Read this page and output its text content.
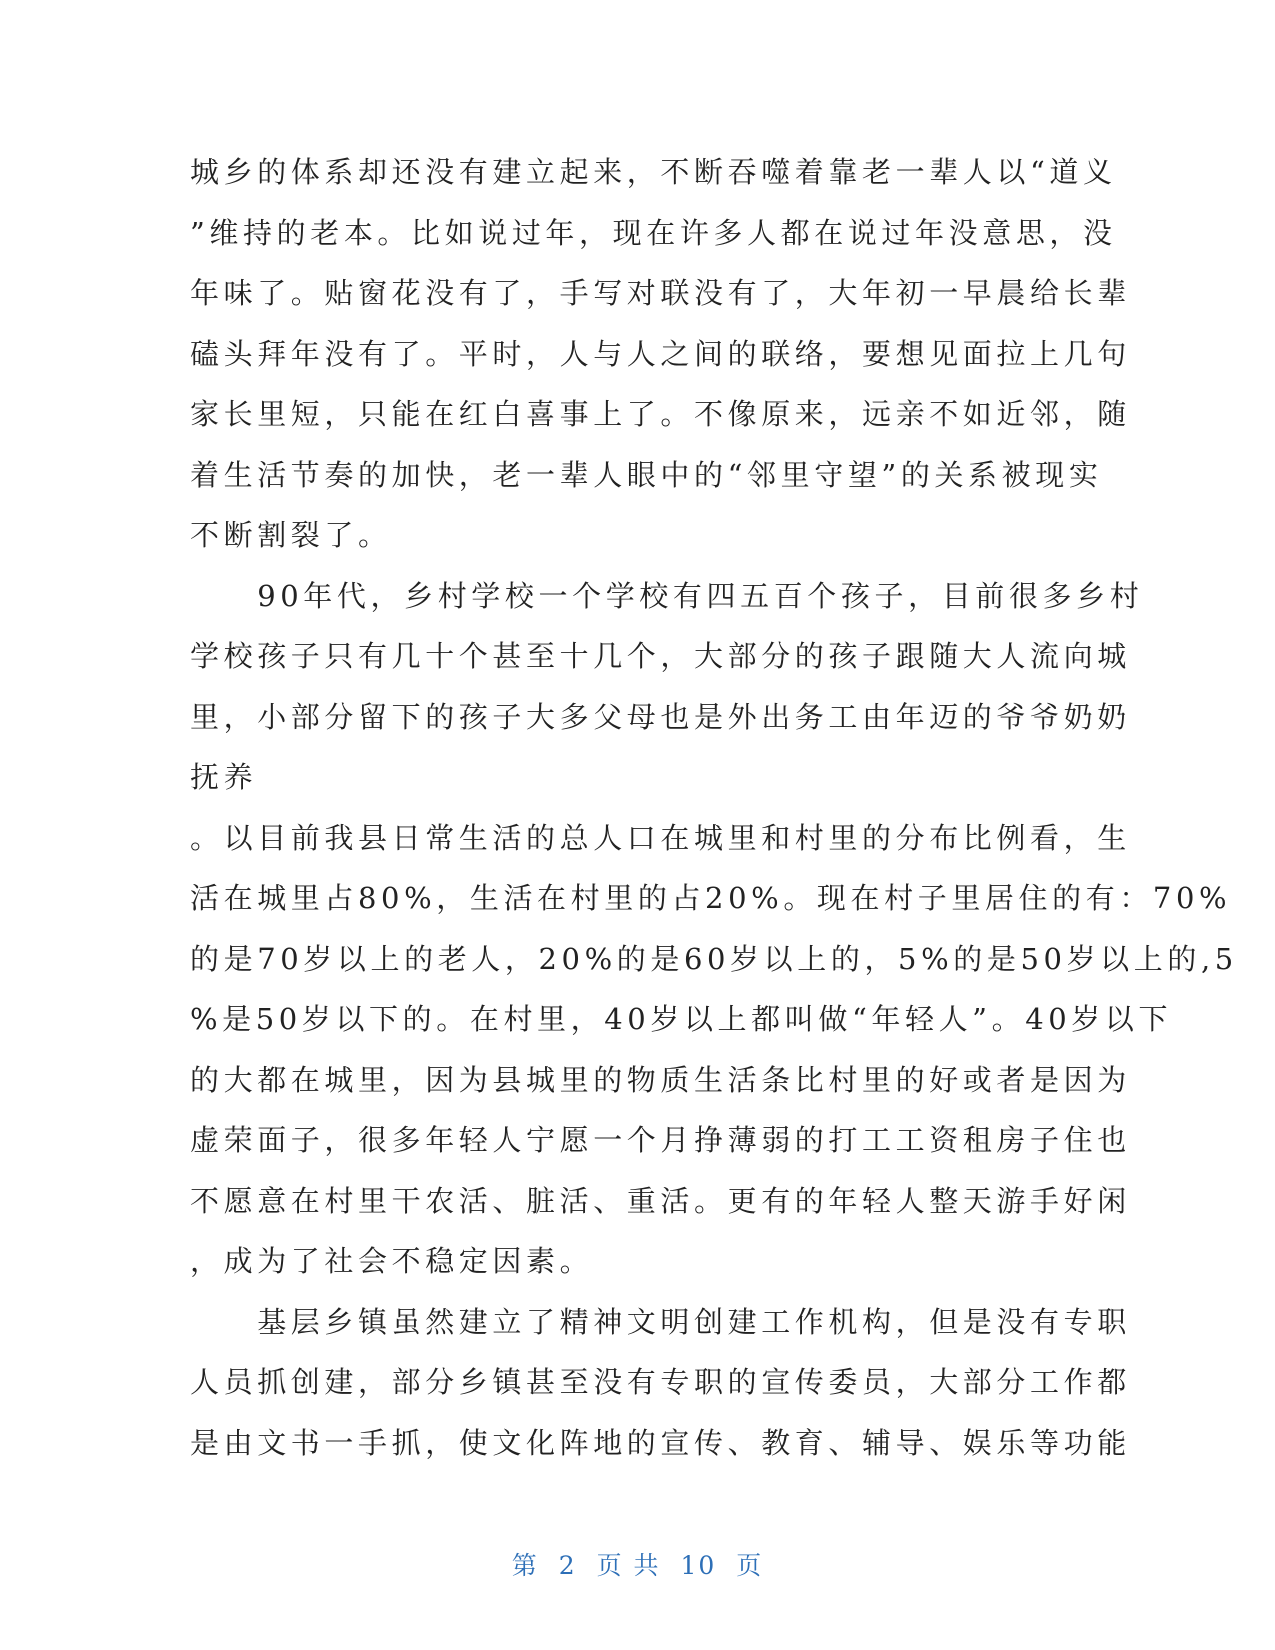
城乡的体系却还没有建立起来，不断吞噬着靠老一辈人以“道义
”维持的老本。比如说过年，现在许多人都在说过年没意思，没
年味了。贴窗花没有了，手写对联没有了，大年初一早晨给长辈
磕头拜年没有了。平时，人与人之间的联络，要想见面拉上几句
家长里短，只能在红白喜事上了。不像原来，远亲不如近邻，随
着生活节奏的加快，老一辈人眼中的“邻里守望”的关系被现实
不断割裂了。
　　90年代，乡村学校一个学校有四五百个孩子，目前很多乡村
学校孩子只有几十个甚至十几个，大部分的孩子跟随大人流向城
里，小部分留下的孩子大多父母也是外出务工由年迈的爷爷奶奶
抚养
。以目前我县日常生活的总人口在城里和村里的分布比例看，生
活在城里占80%，生活在村里的占20%。现在村子里居住的有：70%
的是70岁以上的老人，20%的是60岁以上的，5%的是50岁以上的,5
%是50岁以下的。在村里，40岁以上都叫做“年轻人”。40岁以下
的大都在城里，因为县城里的物质生活条比村里的好或者是因为
虚荣面子，很多年轻人宁愿一个月挣薄弱的打工工资租房子住也
不愿意在村里干农活、脏活、重活。更有的年轻人整天游手好闲
，成为了社会不稳定因素。
　　基层乡镇虽然建立了精神文明创建工作机构，但是没有专职
人员抓创建，部分乡镇甚至没有专职的宣传委员，大部分工作都
是由文书一手抓，使文化阵地的宣传、教育、辅导、娱乐等功能
第 2 页 共 10 页
